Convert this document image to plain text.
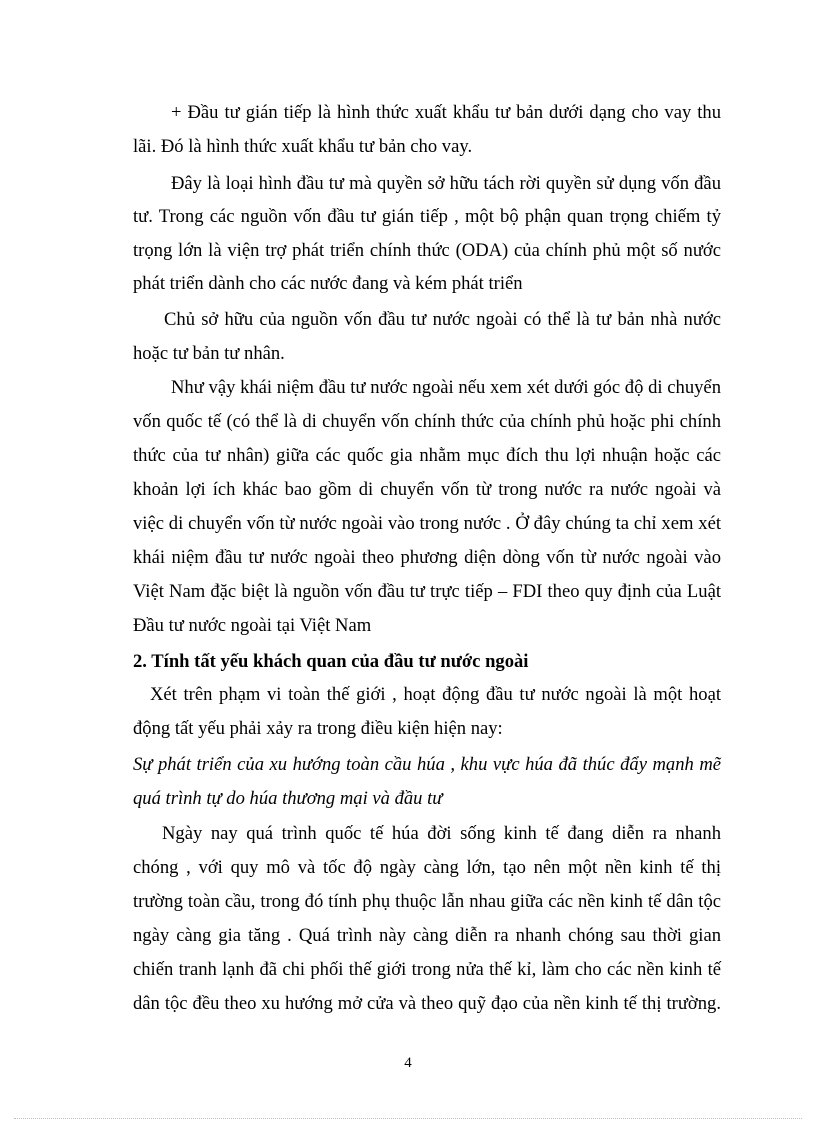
+ Đầu tư gián tiếp là hình thức xuất khẩu tư bản dưới dạng cho vay thu
lãi. Đó là hình thức xuất khẩu tư bản cho vay.
Đây là loại hình đầu tư mà quyền sở hữu tách rời quyền sử dụng vốn đầu
tư. Trong các nguồn vốn đầu tư gián tiếp , một bộ phận quan trọng chiếm tỷ
trọng lớn là viện trợ phát triển chính thức (ODA) của chính phủ một số nước
phát triển dành cho các nước đang và kém phát triển
Chủ sở hữu của nguồn vốn đầu tư nước ngoài có thể là tư bản nhà nước
hoặc tư bản tư nhân.
Như vậy khái niệm đầu tư nước ngoài nếu xem xét dưới góc độ di chuyển
vốn quốc tế (có thể là di chuyển vốn chính thức của chính phủ hoặc phi chính
thức của tư nhân) giữa các quốc gia nhằm mục đích thu lợi nhuận hoặc các
khoản lợi ích khác bao gồm di chuyển vốn từ trong nước ra nước ngoài và
việc di chuyển vốn từ nước ngoài vào trong nước . Ở đây chúng ta chỉ xem xét
khái niệm đầu tư nước ngoài theo phương diện dòng vốn từ nước ngoài vào
Việt Nam đặc biệt là nguồn vốn đầu tư trực tiếp – FDI theo quy định của Luật
Đầu tư nước ngoài tại Việt Nam
2. Tính tất yếu khách quan của đầu tư nước ngoài
Xét trên phạm vi toàn thế giới , hoạt động đầu tư nước ngoài là một hoạt
động tất yếu phải xảy ra trong điều kiện hiện nay:
Sự phát triển của xu hướng toàn cầu húa , khu vực húa đã thúc đẩy mạnh mẽ
quá trình tự do húa thương mại và đầu tư
Ngày nay quá trình quốc tế húa đời sống kinh tế đang diễn ra nhanh
chóng , với quy mô và tốc độ ngày càng lớn, tạo nên một nền kinh tế thị
trường toàn cầu, trong đó tính phụ thuộc lẫn nhau giữa các nền kinh tế dân tộc
ngày càng gia tăng . Quá trình này càng diễn ra nhanh chóng sau thời gian
chiến tranh lạnh đã chi phối thế giới trong nửa thế kỉ, làm cho các nền kinh tế
dân tộc đều theo xu hướng mở cửa và theo quỹ đạo của nền kinh tế thị trường.
4
